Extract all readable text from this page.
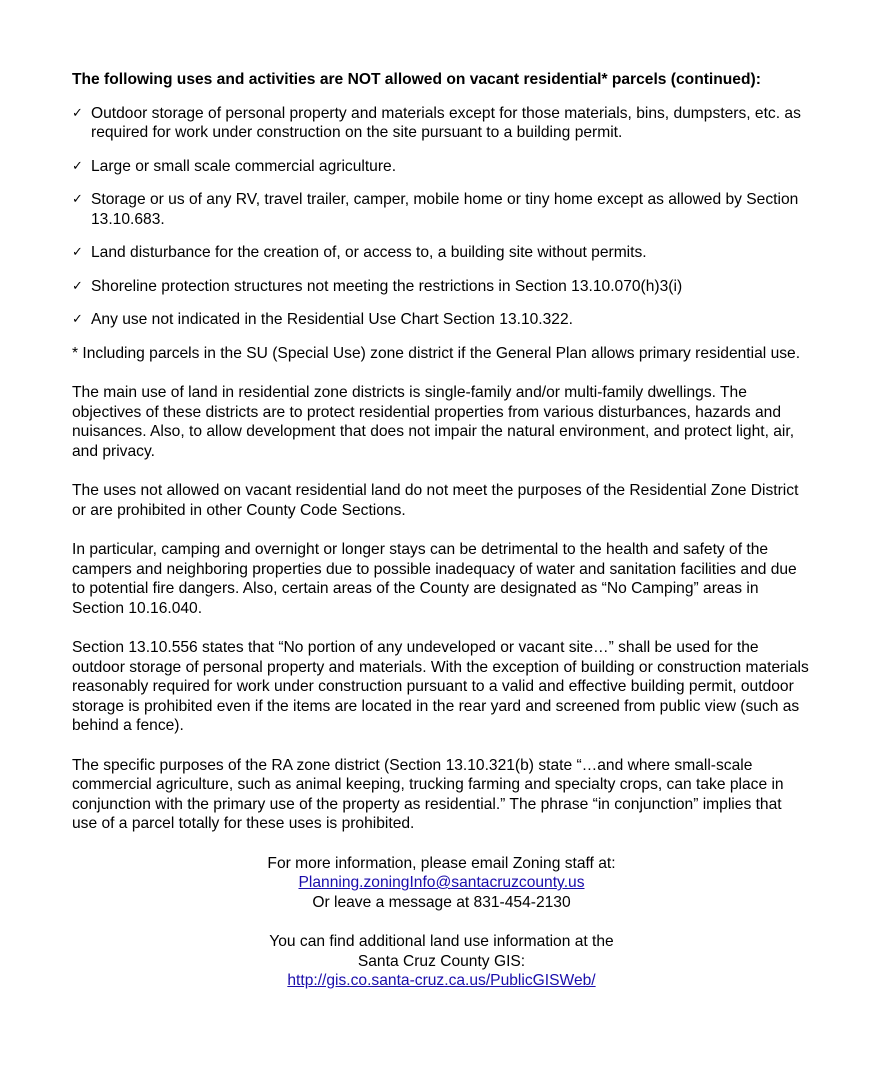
The following uses and activities are NOT allowed on vacant residential* parcels (continued):
✓ Outdoor storage of personal property and materials except for those materials, bins, dumpsters, etc. as required for work under construction on the site pursuant to a building permit.
✓ Large or small scale commercial agriculture.
✓ Storage or us of any RV, travel trailer, camper, mobile home or tiny home except as allowed by Section 13.10.683.
✓ Land disturbance for the creation of, or access to, a building site without permits.
✓ Shoreline protection structures not meeting the restrictions in Section 13.10.070(h)3(i)
✓ Any use not indicated in the Residential Use Chart Section 13.10.322.

* Including parcels in the SU (Special Use) zone district if the General Plan allows primary residential use.

The main use of land in residential zone districts is single-family and/or multi-family dwellings. The objectives of these districts are to protect residential properties from various disturbances, hazards and nuisances. Also, to allow development that does not impair the natural environment, and protect light, air, and privacy.

The uses not allowed on vacant residential land do not meet the purposes of the Residential Zone District or are prohibited in other County Code Sections.

In particular, camping and overnight or longer stays can be detrimental to the health and safety of the campers and neighboring properties due to possible inadequacy of water and sanitation facilities and due to potential fire dangers. Also, certain areas of the County are designated as “No Camping” areas in Section 10.16.040.

Section 13.10.556 states that “No portion of any undeveloped or vacant site…” shall be used for the outdoor storage of personal property and materials. With the exception of building or construction materials reasonably required for work under construction pursuant to a valid and effective building permit, outdoor storage is prohibited even if the items are located in the rear yard and screened from public view (such as behind a fence).

The specific purposes of the RA zone district (Section 13.10.321(b) state “…and where small-scale commercial agriculture, such as animal keeping, trucking farming and specialty crops, can take place in conjunction with the primary use of the property as residential.” The phrase “in conjunction” implies that use of a parcel totally for these uses is prohibited.

For more information, please email Zoning staff at:
Planning.zoningInfo@santacruzcounty.us
Or leave a message at 831-454-2130
You can find additional land use information at the
Santa Cruz County GIS:
http://gis.co.santa-cruz.ca.us/PublicGISWeb/
